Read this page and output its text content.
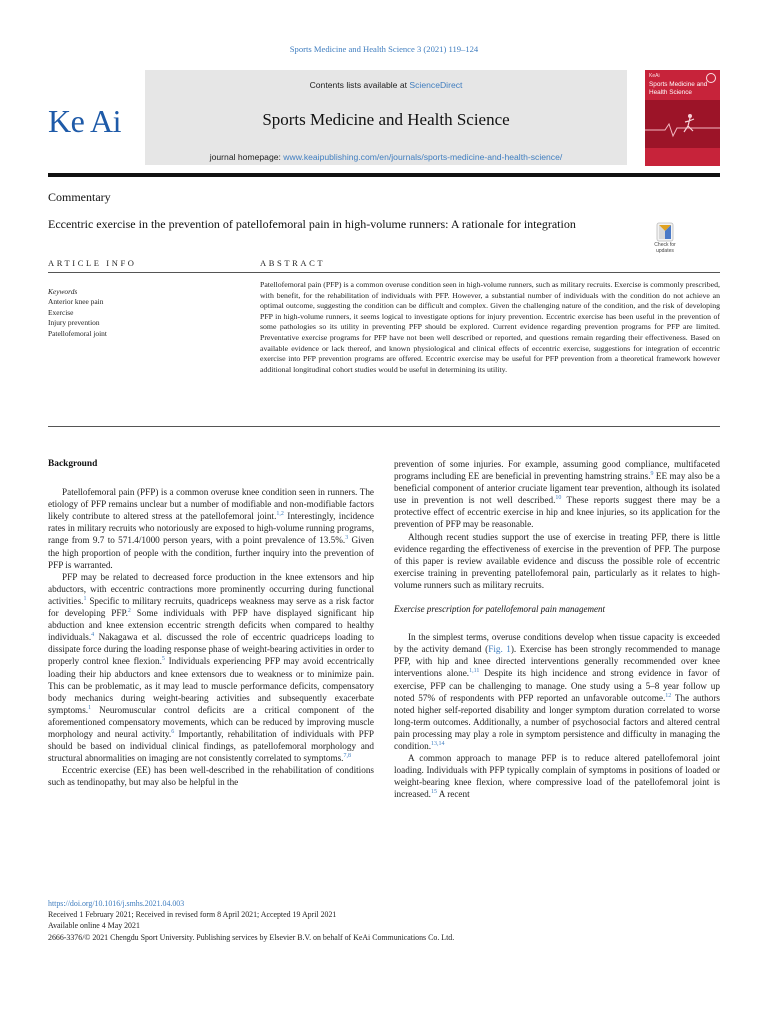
Sports Medicine and Health Science 3 (2021) 119–124
Ke Ai
Contents lists available at ScienceDirect
Sports Medicine and Health Science
journal homepage: www.keaipublishing.com/en/journals/sports-medicine-and-health-science/
KeAi
Sports Medicine and Health Science
Commentary
Eccentric exercise in the prevention of patellofemoral pain in high-volume runners: A rationale for integration
Check for updates
ARTICLE INFO	ABSTRACT
Keywords
Anterior knee pain
Exercise
Injury prevention
Patellofemoral joint
Patellofemoral pain (PFP) is a common overuse condition seen in high-volume runners, such as military recruits. Exercise is commonly prescribed, with benefit, for the rehabilitation of individuals with PFP. However, a substantial number of individuals with the condition do not achieve an optimal outcome, suggesting the condition can be difficult and complex. Given the challenging nature of the condition, and the risk of developing PFP in high-volume runners, it seems logical to investigate options for injury prevention. Eccentric exercise has been useful in the prevention of some pathologies so its utility in preventing PFP should be explored. Current evidence regarding prevention programs for PFP are limited. Preventative exercise programs for PFP have not been well described or reported, and questions remain regarding their effectiveness. Based on available evidence or lack thereof, and known physiological and clinical effects of eccentric exercise, suggestions for integration of eccentric exercise into PFP prevention programs are offered. Eccentric exercise may be useful for PFP prevention from a theoretical framework however additional longitudinal cohort studies would be useful in determining its utility.

Background

Patellofemoral pain (PFP) is a common overuse knee condition seen in runners. The etiology of PFP remains unclear but a number of modifiable and non-modifiable factors likely contribute to altered stress at the patellofemoral joint.$^{1,2}$ Interestingly, incidence rates in military recruits who notoriously are exposed to high-volume running programs, range from 9.7 to 571.4/1000 person years, with a point prevalence of 13.5%.$^3$ Given the high proportion of people with the condition, further inquiry into the prevention of PFP is warranted.

PFP may be related to decreased force production in the knee extensors and hip abductors, with eccentric contractions more prominently occurring during functional activities.$^1$ Specific to military recruits, quadriceps weakness may serve as a risk factor for developing PFP.$^2$ Some individuals with PFP have displayed significant hip abduction and knee extension eccentric strength deficits when compared to healthy individuals.$^4$ Nakagawa et al. discussed the role of eccentric quadriceps loading to dissipate force during the loading response phase of weight-bearing activities in order to properly control knee flexion.$^5$ Individuals experiencing PFP may avoid eccentrically loading their hip abductors and knee extensors due to weakness or to minimize pain. This can be problematic, as it may lead to muscle performance deficits, compensatory body mechanics during weight-bearing activities and subsequently exacerbate symptoms.$^1$ Neuromuscular control deficits are a critical component of the aforementioned compensatory movements, which can be reduced by improving muscle morphology and neural activity.$^6$ Importantly, rehabilitation of individuals with PFP should be based on individual clinical findings, as patellofemoral morphology and structural abnormalities on imaging are not consistently correlated to symptoms.$^{7,8}$

Eccentric exercise (EE) has been well-described in the rehabilitation of conditions such as tendinopathy, but may also be helpful in the

prevention of some injuries. For example, assuming good compliance, multifaceted programs including EE are beneficial in preventing hamstring strains.$^9$ EE may also be a beneficial component of anterior cruciate ligament tear prevention, although its isolated use in prevention is not well described.$^{10}$ These reports suggest there may be a protective effect of eccentric exercise in hip and knee injuries, so its application for the prevention of PFP may be reasonable.

Although recent studies support the use of exercise in treating PFP, there is little evidence regarding the effectiveness of exercise in the prevention of PFP. The purpose of this paper is review available evidence and discuss the possible role of eccentric exercise training in preventing patellofemoral pain, particularly as it relates to high-volume runners such as military recruits.

Exercise prescription for patellofemoral pain management

In the simplest terms, overuse conditions develop when tissue capacity is exceeded by the activity demand (Fig. 1). Exercise has been strongly recommended to manage PFP, with hip and knee directed interventions generally recommended over knee interventions alone.$^{1,11}$ Despite its high incidence and strong evidence in favor of exercise, PFP can be challenging to manage. One study using a 5–8 year follow up noted 57% of respondents with PFP reported an unfavorable outcome.$^{12}$ The authors noted higher self-reported disability and longer symptom duration correlated to worse long-term outcomes. Additionally, a number of psychosocial factors and altered central pain processing may play a role in symptom persistence and difficulty in managing the condition.$^{13,14}$

A common approach to manage PFP is to reduce altered patellofemoral joint loading. Individuals with PFP typically complain of symptoms in positions of loaded or weight-bearing knee flexion, where compressive load of the patellofemoral joint is increased.$^{15}$ A recent

https://doi.org/10.1016/j.smhs.2021.04.003
Received 1 February 2021; Received in revised form 8 April 2021; Accepted 19 April 2021
Available online 4 May 2021
2666-3376/© 2021 Chengdu Sport University. Publishing services by Elsevier B.V. on behalf of KeAi Communications Co. Ltd.
